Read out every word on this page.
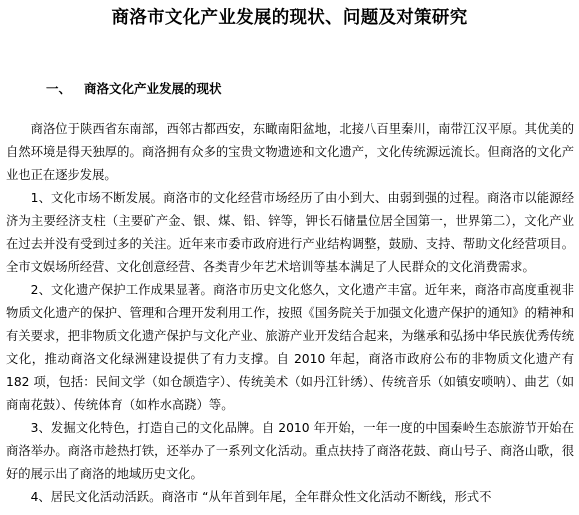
商洛市文化产业发展的现状、问题及对策研究
一、 商洛文化产业发展的现状

商洛位于陕西省东南部，西邻古都西安，东瞰南阳盆地，北接八百里秦川，南带江汉平原。其优美的自然环境是得天独厚的。商洛拥有众多的宝贵文物遗迹和文化遗产，文化传统源远流长。但商洛的文化产业也正在逐步发展。

1、文化市场不断发展。商洛市的文化经营市场经历了由小到大、由弱到强的过程。商洛市以能源经济为主要经济支柱（主要矿产金、银、煤、铅、锌等，钾长石储量位居全国第一，世界第二），文化产业在过去并没有受到过多的关注。近年来市委市政府进行产业结构调整，鼓励、支持、帮助文化经营项目。全市文娱场所经营、文化创意经营、各类青少年艺术培训等基本满足了人民群众的文化消费需求。

2、文化遗产保护工作成果显著。商洛市历史文化悠久，文化遗产丰富。近年来，商洛市高度重视非物质文化遗产的保护、管理和合理开发利用工作，按照《国务院关于加强文化遗产保护的通知》的精神和有关要求，把非物质文化遗产保护与文化产业、旅游产业开发结合起来，为继承和弘扬中华民族优秀传统文化，推动商洛文化绿洲建设提供了有力支撑。自 2010 年起，商洛市政府公布的非物质文化遗产有 182 项，包括：民间文学（如仓颉造字）、传统美术（如丹江针绣）、传统音乐（如镇安唢呐）、曲艺（如商南花鼓）、传统体育（如柞水高跷）等。

3、发掘文化特色，打造自己的文化品牌。自 2010 年开始，一年一度的中国秦岭生态旅游节开始在商洛举办。商洛市趁热打铁，还举办了一系列文化活动。重点扶持了商洛花鼓、商山号子、商洛山歌，很好的展示出了商洛的地域历史文化。

4、居民文化活动活跃。商洛市 “从年首到年尾，全年群众性文化活动不断线，形式不
